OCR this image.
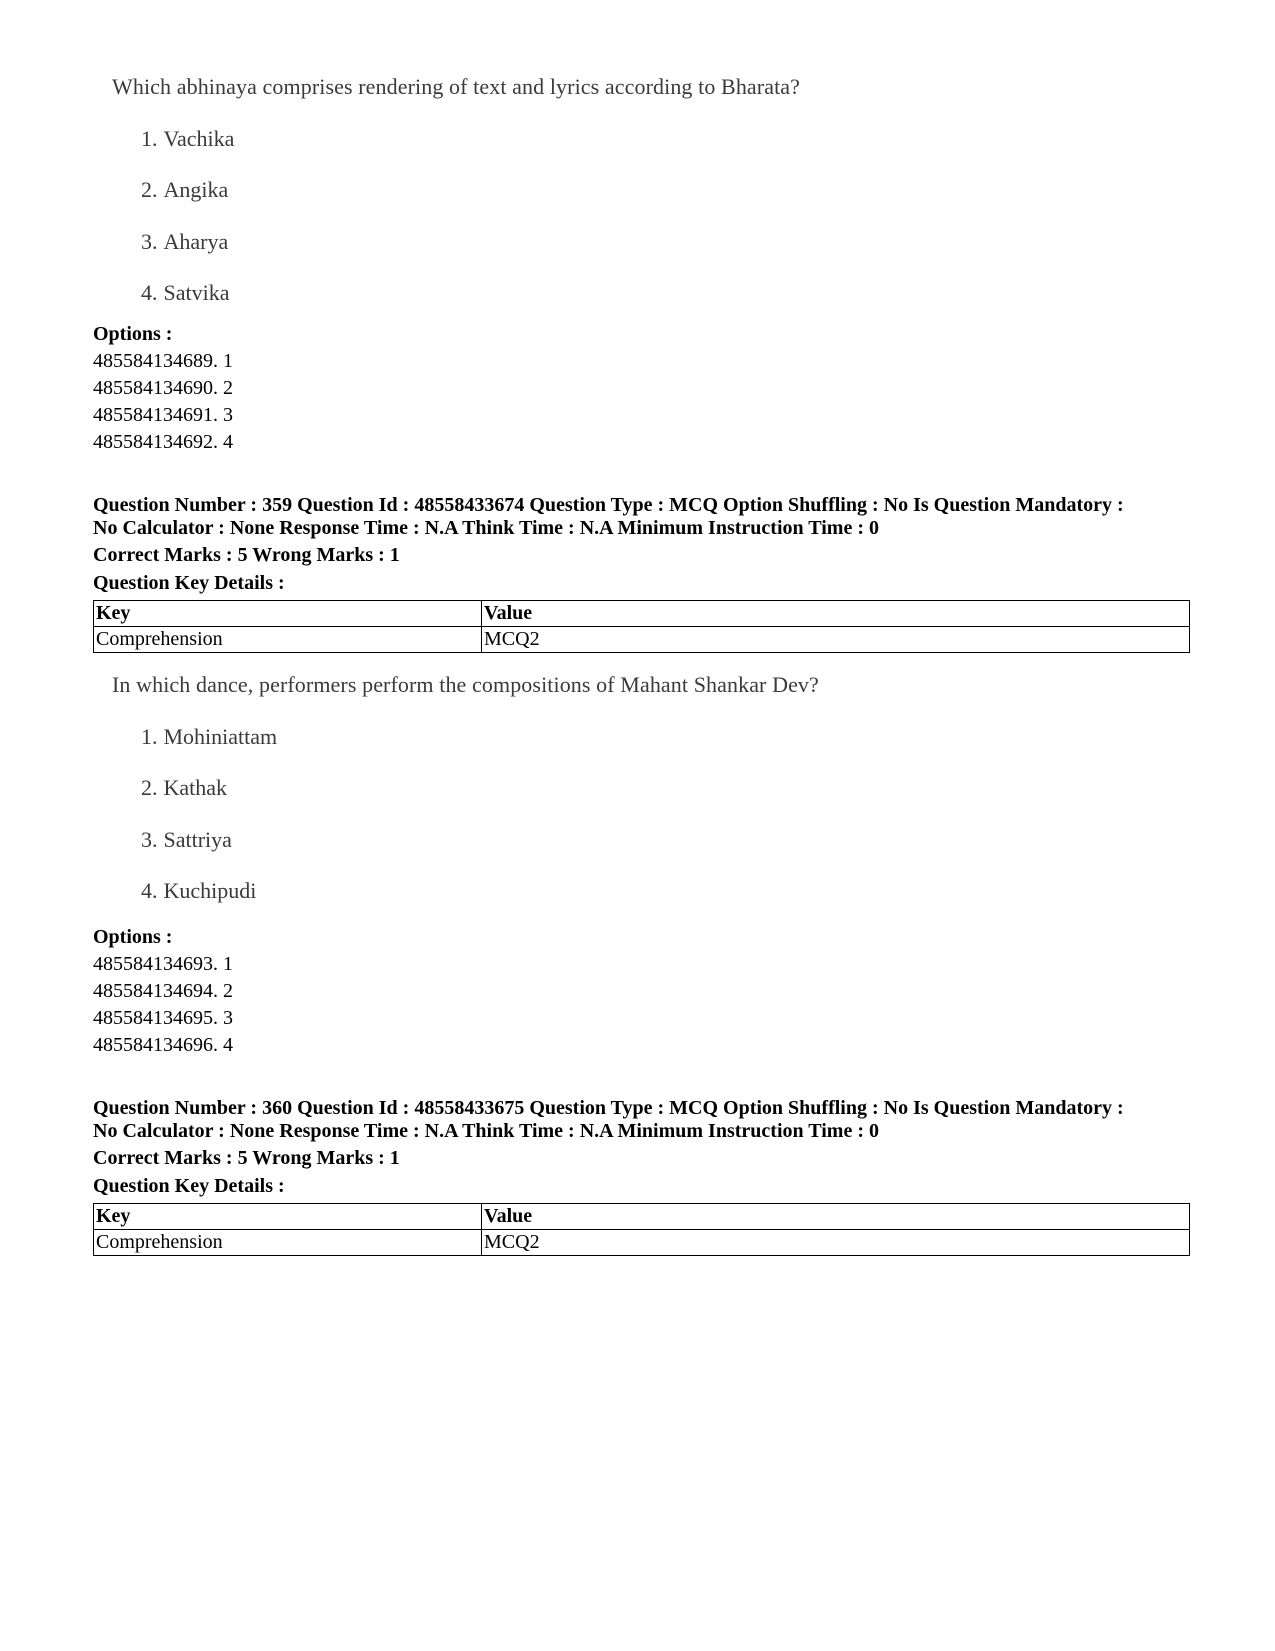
Which abhinaya comprises rendering of text and lyrics according to Bharata?
1. Vachika
2. Angika
3. Aharya
4. Satvika
Options :
485584134689. 1
485584134690. 2
485584134691. 3
485584134692. 4
Question Number : 359 Question Id : 48558433674 Question Type : MCQ Option Shuffling : No Is Question Mandatory :
No Calculator : None Response Time : N.A Think Time : N.A Minimum Instruction Time : 0
Correct Marks : 5 Wrong Marks : 1
Question Key Details :
Key	Value
Comprehension	MCQ2
In which dance, performers perform the compositions of Mahant Shankar Dev?
1. Mohiniattam
2. Kathak
3. Sattriya
4. Kuchipudi
Options :
485584134693. 1
485584134694. 2
485584134695. 3
485584134696. 4
Question Number : 360 Question Id : 48558433675 Question Type : MCQ Option Shuffling : No Is Question Mandatory :
No Calculator : None Response Time : N.A Think Time : N.A Minimum Instruction Time : 0
Correct Marks : 5 Wrong Marks : 1
Question Key Details :
Key	Value
Comprehension	MCQ2
